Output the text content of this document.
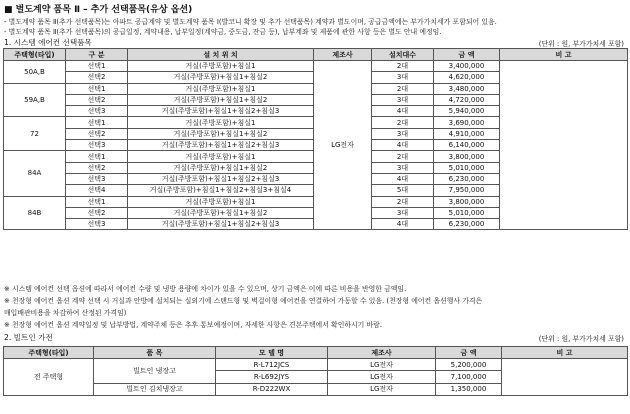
■ 별도계약 품목 Ⅱ – 추가 선택품목(유상 옵션)
- 별도계약 품목 Ⅱ(추가 선택품목)는 아파트 공급계약 및 별도계약 품목 Ⅰ(발코니 확장 및 추가 선택품목) 계약과 별도이며, 공급금액에는 부가가치세가 포함되어 있음.
- 별도계약 품목 Ⅱ(추가 선택품목)의 공급일정, 계약내용, 납부일정(계약금, 중도금, 잔금 등), 납부계좌 및 제품에 관한 사항 등은 별도 안내 예정임.
1. 시스템 에어컨 선택품목	(단위 : 원, 부가가치세 포함)
주택형(타입)	구 분	설 치 위 치	제조사	설치대수	금 액	비 고
50A,B	선택1	거실(주방포함)+침실1	LG전자	2대	3,400,000	
	선택2	거실(주방포함)+침실1+침실2		3대	4,620,000	
59A,B	선택1	거실(주방포함)+침실1		2대	3,480,000	
	선택2	거실(주방포함)+침실1+침실2		3대	4,720,000	
	선택3	거실(주방포함)+침실1+침실2+침실3		4대	5,940,000	
72	선택1	거실(주방포함)+침실1		2대	3,690,000	
	선택2	거실(주방포함)+침실1+침실2		3대	4,910,000	
	선택3	거실(주방포함)+침실1+침실2+침실3		4대	6,140,000	
84A	선택1	거실(주방포함)+침실1		2대	3,800,000	
	선택2	거실(주방포함)+침실1+침실2		3대	5,010,000	
	선택3	거실(주방포함)+침실1+침실2+침실3		4대	6,230,000	
	선택4	거실(주방포함)+침실1+침실2+침실3+침실4		5대	7,950,000	
84B	선택1	거실(주방포함)+침실1		2대	3,800,000	
	선택2	거실(주방포함)+침실1+침실2		3대	5,010,000	
	선택3	거실(주방포함)+침실1+침실2+침실3		4대	6,230,000	
※ 시스템 에어컨 선택 옵션에 따라서 에어컨 수량 및 냉방 용량에 차이가 있을 수 있으며, 상기 금액은 이에 따른 비용을 반영한 금액임.
※ 천장형 에어컨 옵션 계약 선택 시 거실과 안방에 설치되는 실외기에 스탠드형 및 벽걸이형 에어컨을 연결하여 가동할 수 있음. (천장형 에어컨 옵션행사 가격은
매입배관비용을 차감하여 산정된 가격임)
※ 천장형 에어컨 옵션 계약일정 및 납부방법, 계약주체 등은 추후 통보예정이며, 자세한 사항은 견본주택에서 확인하시기 바람.
2. 빌트인 가전	(단위 : 원, 부가가치세 포함)
주택형(타입)	품 목	모 델 명	제조사	금 액	비 고
전 주택형	빌트인 냉장고	R-L712JCS	LG전자	5,200,000	
		R-L692JYS	LG전자	7,100,000	
	빌트인 김치냉장고	R-D222WX	LG전자	1,350,000	
